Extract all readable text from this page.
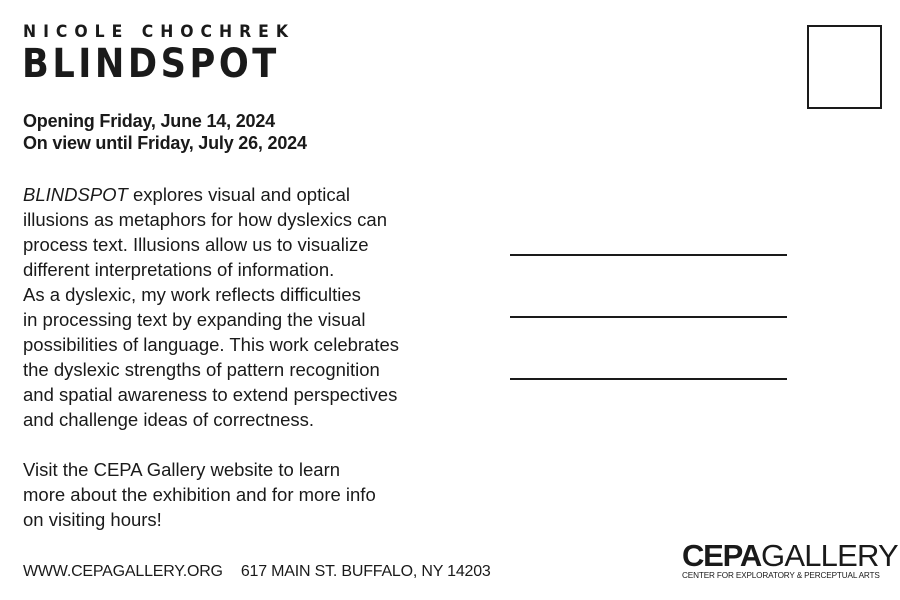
NICOLE CHOCHREK
BLINDSPOT
Opening Friday, June 14, 2024
On view until Friday, July 26, 2024
BLINDSPOT explores visual and optical
illusions as metaphors for how dyslexics can
process text. Illusions allow us to visualize
different interpretations of information.
As a dyslexic, my work reflects difficulties
in processing text by expanding the visual
possibilities of language. This work celebrates
the dyslexic strengths of pattern recognition
and spatial awareness to extend perspectives
and challenge ideas of correctness.
Visit the CEPA Gallery website to learn
more about the exhibition and for more info
on visiting hours!
WWW.CEPAGALLERY.ORG 617 MAIN ST. BUFFALO, NY 14203	CEPAGALLERY
CENTER FOR EXPLORATORY & PERCEPTUAL ARTS
